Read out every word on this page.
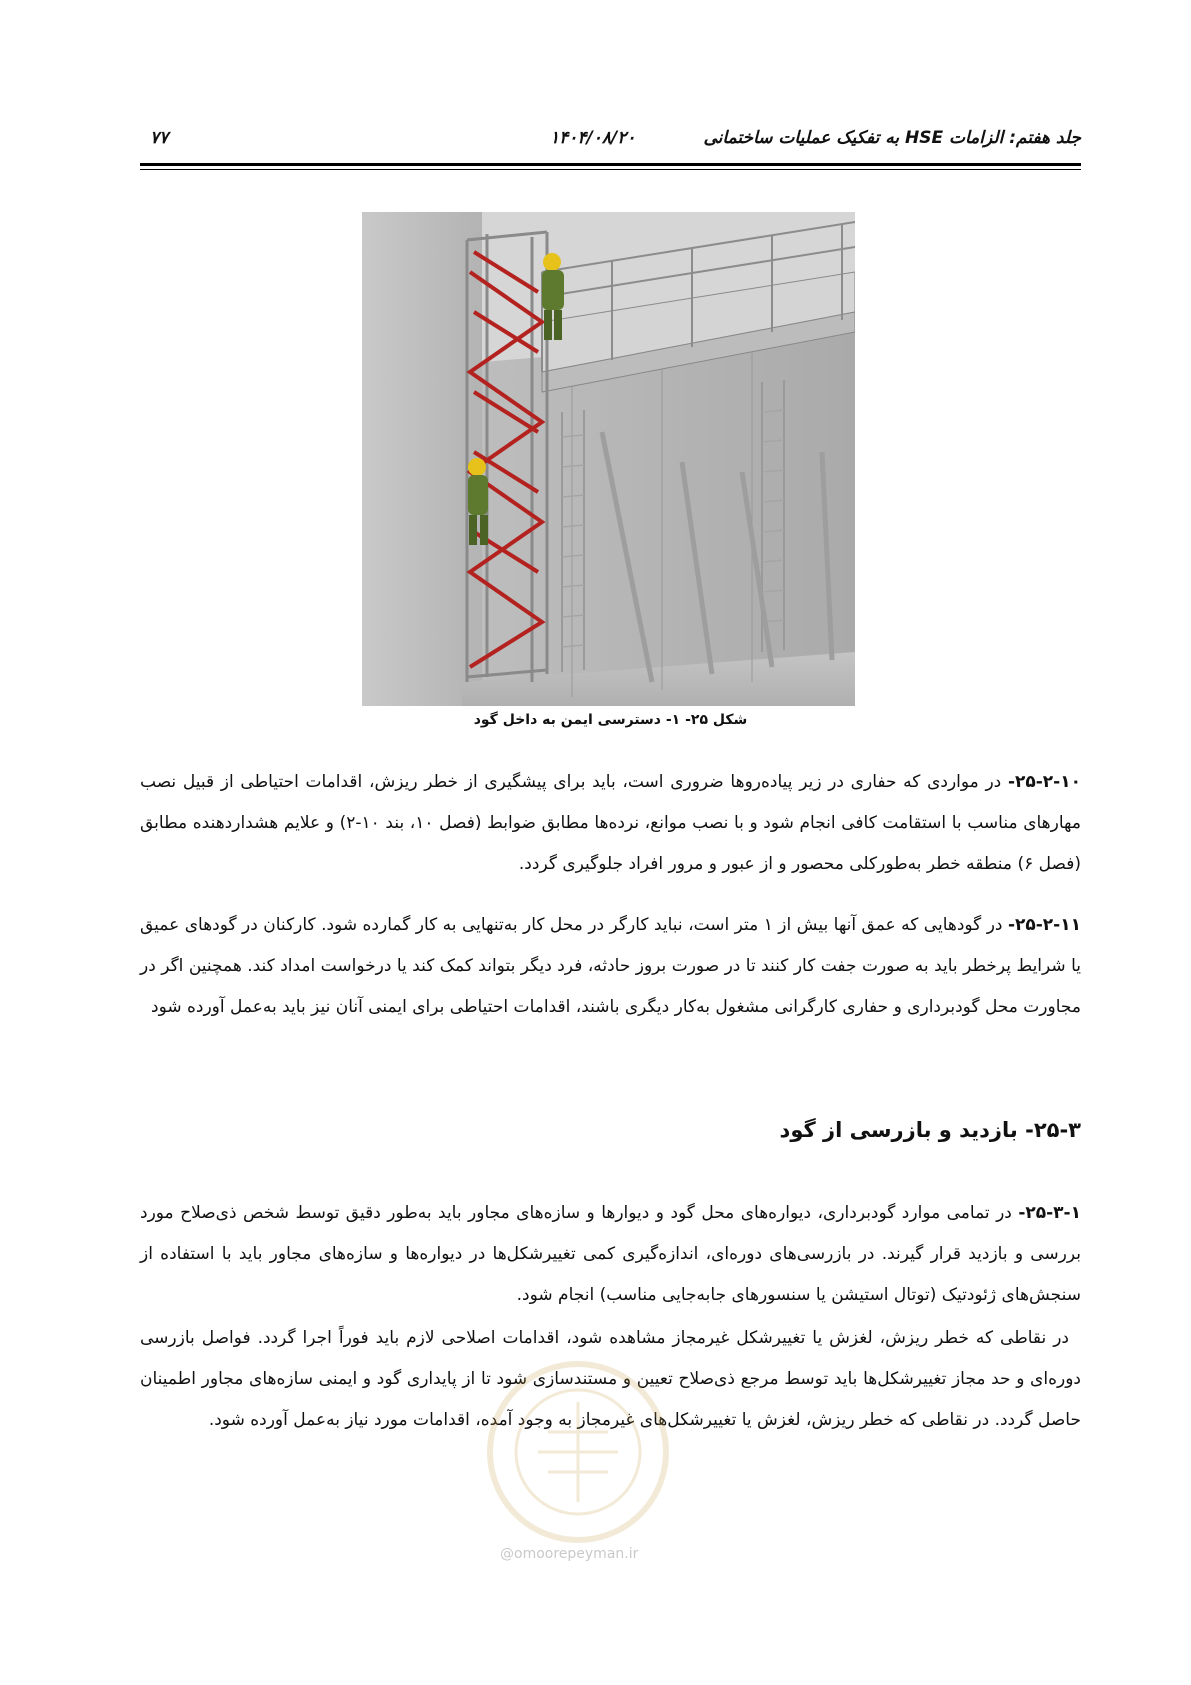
جلد هفتم: الزامات HSE به تفکیک عملیات ساختمانی
۱۴۰۴/۰۸/۲۰
۷۷
شکل ۲۵- ۱- دسترسی ایمن به داخل گود

۲۵-۲-۱۰- در مواردی که حفاری در زیر پیاده‌روها ضروری است، باید برای پیشگیری از خطر ریزش، اقدامات احتیاطی از قبیل نصب مهارهای مناسب با استقامت کافی انجام شود و با نصب موانع، نرده‌ها مطابق ضوابط (فصل ۱۰، بند ۱۰-۲) و علایم هشداردهنده مطابق (فصل ۶) منطقه خطر به‌طورکلی محصور و از عبور و مرور افراد جلوگیری گردد.

۲۵-۲-۱۱- در گودهایی که عمق آنها بیش از ۱ متر است، نباید کارگر در محل کار به‌تنهایی به کار گمارده شود. کارکنان در گودهای عمیق یا شرایط پرخطر باید به صورت جفت کار کنند تا در صورت بروز حادثه، فرد دیگر بتواند کمک کند یا درخواست امداد کند. همچنین اگر در مجاورت محل گودبرداری و حفاری کارگرانی مشغول به‌کار دیگری باشند، اقدامات احتیاطی برای ایمنی آنان نیز باید به‌عمل آورده شود

۲۵-۳- بازدید و بازرسی از گود

۲۵-۳-۱- در تمامی موارد گودبرداری، دیواره‌های محل گود و دیوارها و سازه‌های مجاور باید به‌طور دقیق توسط شخص ذی‌صلاح مورد بررسی و بازدید قرار گیرند. در بازرسی‌های دوره‌ای، اندازه‌گیری کمی تغییرشکل‌ها در دیواره‌ها و سازه‌های مجاور باید با استفاده از سنجش‌های ژئودتیک (توتال استیشن یا سنسورهای جابه‌جایی مناسب) انجام شود.

در نقاطی که خطر ریزش، لغزش یا تغییرشکل غیرمجاز مشاهده شود، اقدامات اصلاحی لازم باید فوراً اجرا گردد. فواصل بازرسی دوره‌ای و حد مجاز تغییرشکل‌ها باید توسط مرجع ذی‌صلاح تعیین و مستندسازی شود تا از پایداری گود و ایمنی سازه‌های مجاور اطمینان حاصل گردد. در نقاطی که خطر ریزش، لغزش یا تغییرشکل‌های غیرمجاز به وجود آمده، اقدامات مورد نیاز به‌عمل آورده شود.

@omoorepeyman.ir
